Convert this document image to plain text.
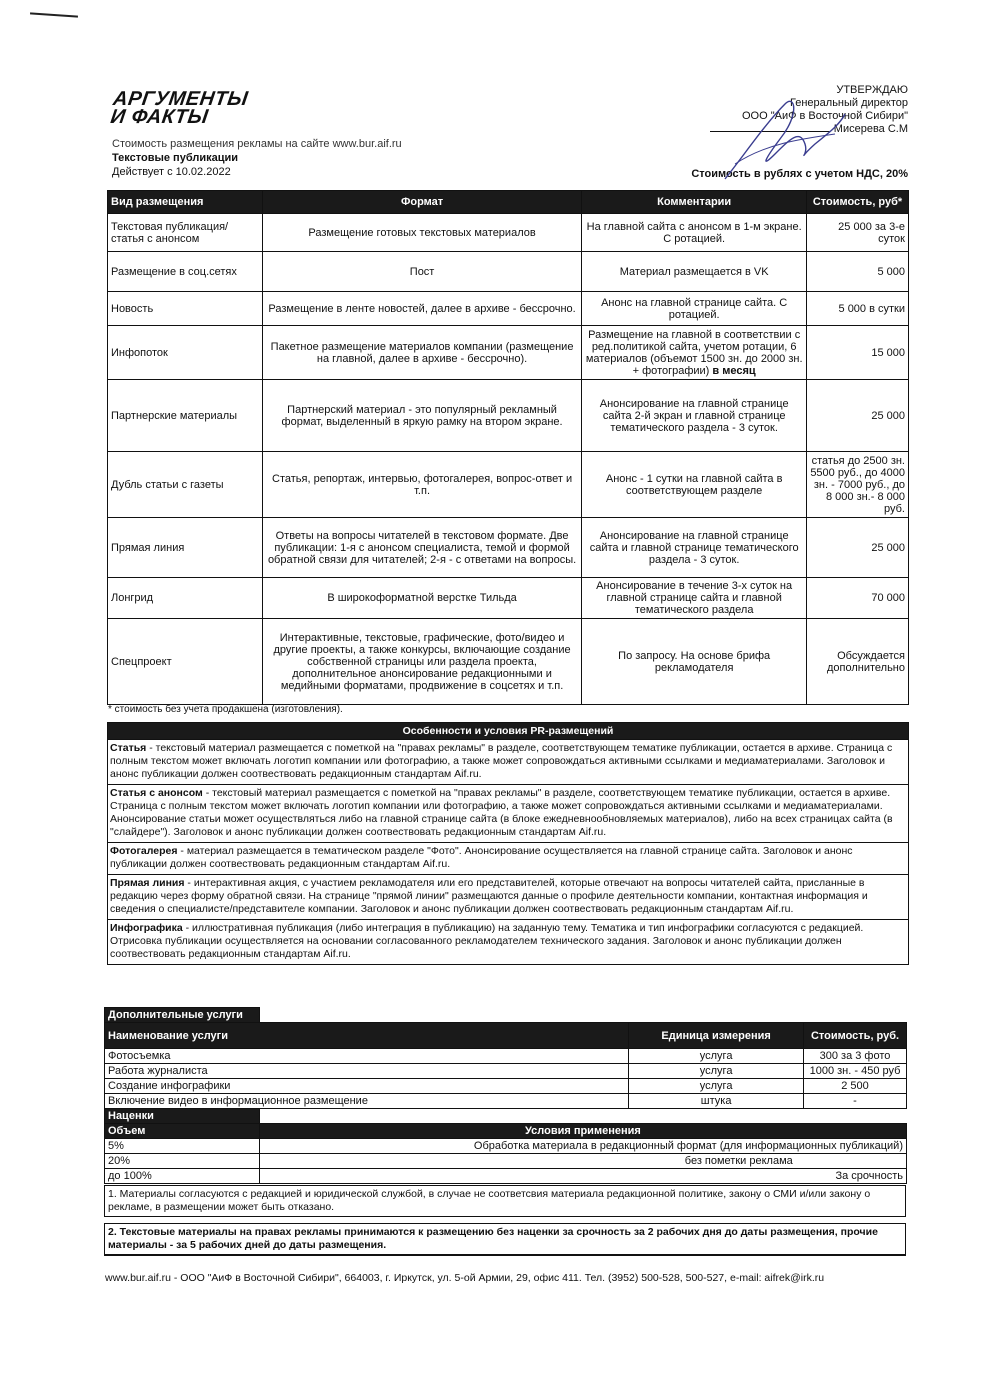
АРГУМЕНТЫ
И ФАКТЫ
Стоимость размещения рекламы на сайте www.bur.aif.ru
Текстовые публикации
Действует с 10.02.2022	Стоимость в рублях с учетом НДС, 20%
УТВЕРЖДАЮ
Генеральный директор
ООО "АиФ в Восточной Сибири"
Мисерева С.М
Вид размещения	Формат	Комментарии	Стоимость, руб*
Текстовая публикация/статья с анонсом	Размещение готовых текстовых материалов	На главной сайта с анонсом в 1-м экране. С ротацией.	25 000 за 3-е суток
Размещение в соц.сетях	Пост	Материал размещается в VK	5 000
Новость	Размещение в ленте новостей, далее в архиве - бессрочно.	Анонс на главной странице сайта. С ротацией.	5 000 в сутки
Инфопоток	Пакетное размещение материалов компании (размещение на главной, далее в архиве - бессрочно).	Размещение на главной в соответствии с ред.политикой сайта, учетом ротации, 6 материалов (объемот 1500 зн. до 2000 зн. + фотографии) в месяц	15 000
Партнерские материалы	Партнерский материал - это популярный рекламный формат, выделенный в яркую рамку на втором экране.	Анонсирование на главной странице сайта 2-й экран и главной странице тематического раздела - 3 суток.	25 000
Дубль статьи с газеты	Статья, репортаж, интервью, фотогалерея, вопрос-ответ и т.п.	Анонс - 1 сутки на главной сайта в соответствующем разделе	статья до 2500 зн. 5500 руб., до 4000 зн. - 7000 руб., до 8 000 зн.- 8 000 руб.
Прямая линия	Ответы на вопросы читателей в текстовом формате. Две публикации: 1-я с анонсом специалиста, темой и формой обратной связи для читателей; 2-я - с ответами на вопросы.	Анонсирование на главной странице сайта и главной странице тематического раздела - 3 суток.	25 000
Лонгрид	В широкоформатной верстке Тильда	Анонсирование в течение 3-х суток на главной странице сайта и главной тематического раздела	70 000
Спецпроект	Интерактивные, текстовые, графические, фото/видео и другие проекты, а также конкурсы, включающие создание собственной страницы или раздела проекта, дополнительное анонсирование редакционными и медийными форматами, продвижение в соцсетях и т.п.	По запросу. На основе брифа рекламодателя	Обсуждается дополнительно
* стоимость без учета продакшена (изготовления).
Особенности и условия PR-размещений
Статья - текстовый материал размещается с пометкой на "правах рекламы" в разделе, соответствующем тематике публикации, остается в архиве. Страница с полным текстом может включать логотип компании или фотографию, а также может сопровождаться активными ссылками и медиаматериалами. Заголовок и анонс публикации должен соотвествовать редакционным стандартам Aif.ru.
Статья с анонсом - текстовый материал размещается с пометкой на "правах рекламы" в разделе, соответствующем тематике публикации, остается в архиве. Страница с полным текстом может включать логотип компании или фотографию, а также может сопровождаться активными ссылками и медиаматериалами. Анонсирование статьи может осуществляться либо на главной странице сайта (в блоке ежедневнообновляемых материалов), либо на всех страницах сайта (в "слайдере"). Заголовок и анонс публикации должен соотвествовать редакционным стандартам Aif.ru.
Фотогалерея - материал размещается в тематическом разделе "Фото". Анонсирование осуществляется на главной странице сайта. Заголовок и анонс публикации должен соотвествовать редакционным стандартам Aif.ru.
Прямая линия - интерактивная акция, с участием рекламодателя или его представителей, которые отвечают на вопросы читателей сайта, присланные в редакцию через форму обратной связи. На странице "прямой линии" размещаются данные о профиле деятельности компании, контактная информация и сведения о специалисте/представителе компании. Заголовок и анонс публикации должен соотвествовать редакционным стандартам Aif.ru.
Инфографика - иллюстративная публикация (либо интеграция в публикацию) на заданную тему. Тематика и тип инфографики согласуются с редакцией. Отрисовка публикации осуществляется на основании согласованного рекламодателем технического задания. Заголовок и анонс публикации должен соотвествовать редакционным стандартам Aif.ru.
Дополнительные услуги			
Наименование услуги		Единица измерения	Стоимость, руб.
Фотосъемка		услуга	300 за 3 фото
Работа журналиста		услуга	1000 зн. - 450 руб
Создание инфографики		услуга	2 500
Включение видео в информационное размещение		штука	-
Наценки			
Объем	Условия применения		
5%	Обработка материала в редакционный формат (для информационных публикаций)		
20%	без пометки реклама		
до 100%	За срочность		
1. Материалы согласуются с редакцией и юридической службой, в случае не соответсвия материала редакционной политике, закону о СМИ и/или закону о рекламе, в размещении может быть отказано.
2. Текстовые материалы на правах рекламы принимаются к размещению без наценки за срочность за 2 рабочих дня до даты размещения, прочие материалы - за 5 рабочих дней до даты размещения.
www.bur.aif.ru - ООО "АиФ в Восточной Сибири", 664003, г. Иркутск, ул. 5-ой Армии, 29, офис 411. Тел. (3952) 500-528, 500-527, e-mail: aifrek@irk.ru
